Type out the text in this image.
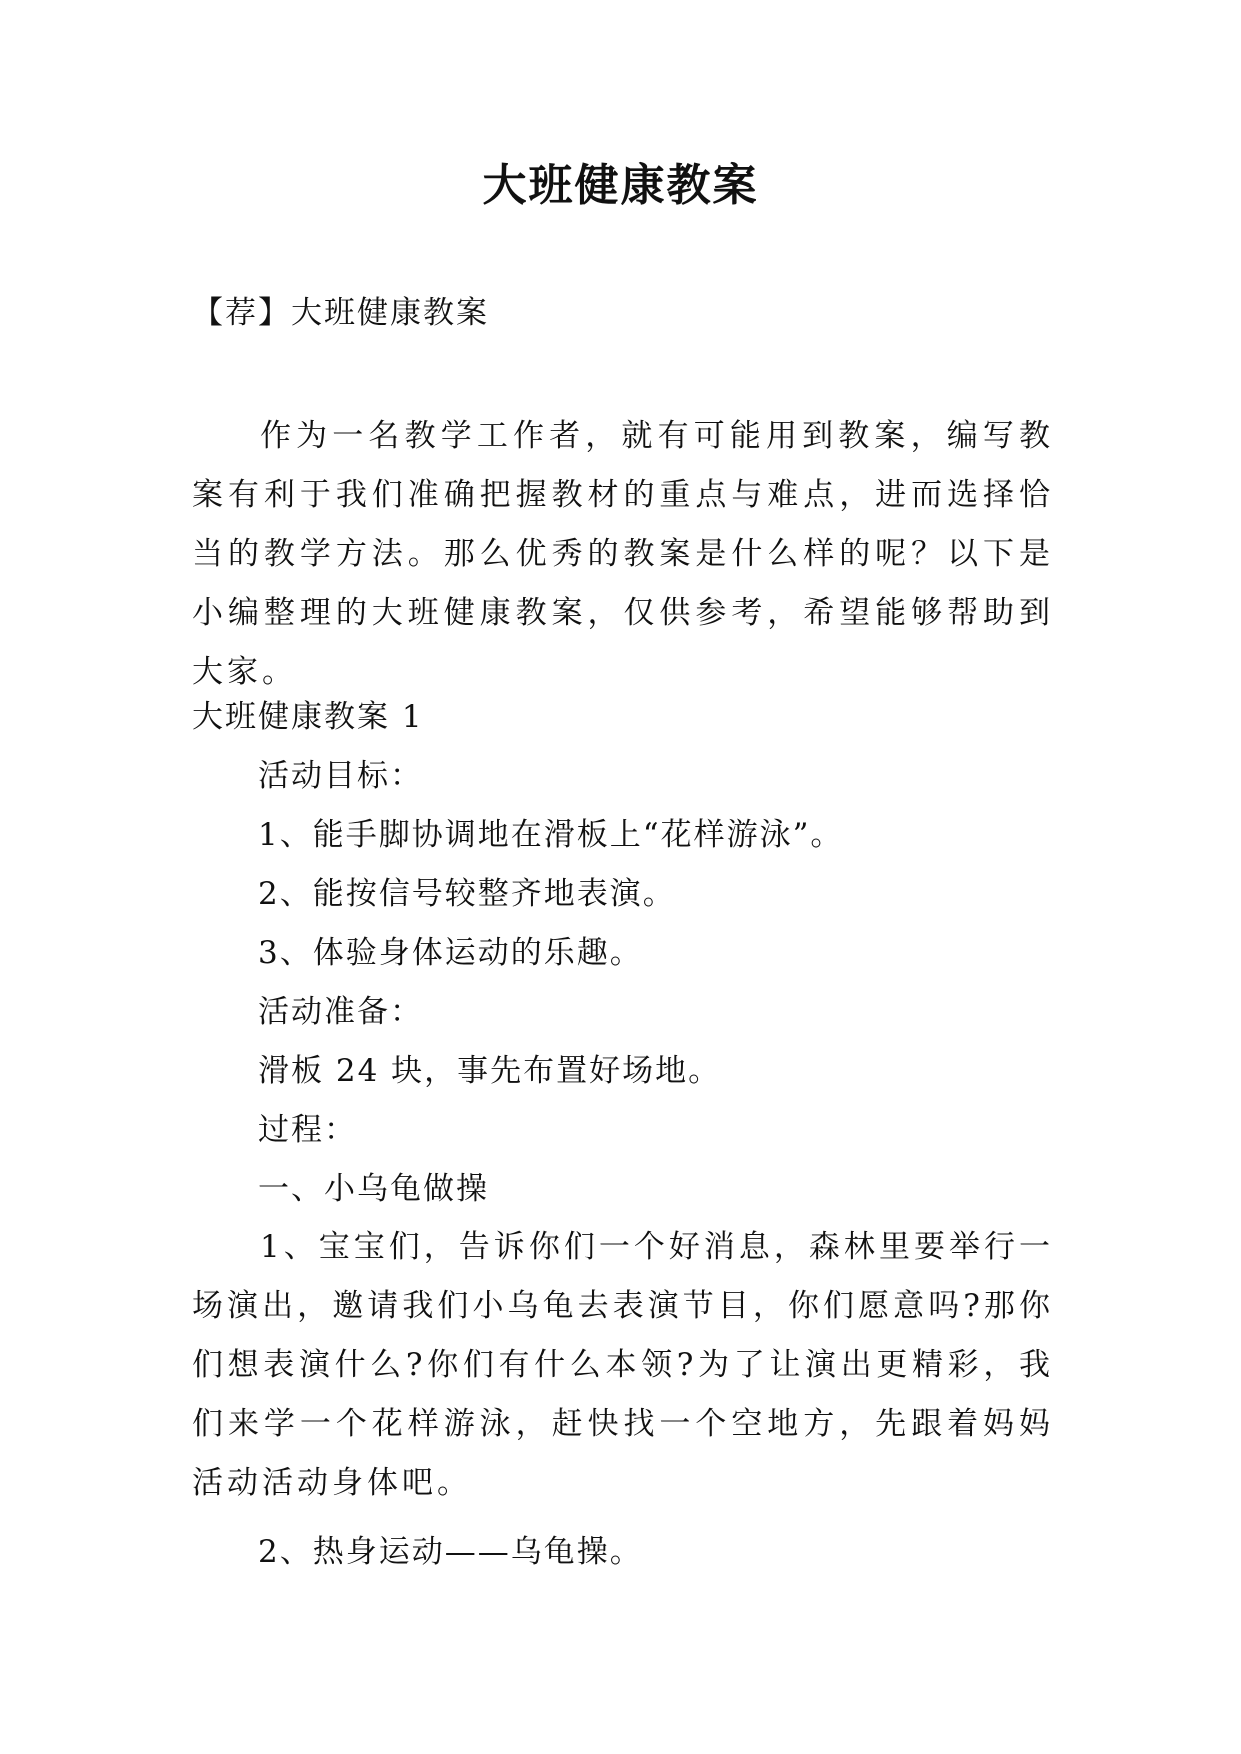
大班健康教案
【荐】大班健康教案
作为一名教学工作者，就有可能用到教案，编写教案有利于我们准确把握教材的重点与难点，进而选择恰当的教学方法。那么优秀的教案是什么样的呢？以下是小编整理的大班健康教案，仅供参考，希望能够帮助到大家。
大班健康教案 1
活动目标：
1、能手脚协调地在滑板上“花样游泳”。
2、能按信号较整齐地表演。
3、体验身体运动的乐趣。
活动准备：
滑板 24 块，事先布置好场地。
过程：
一、小乌龟做操
1、宝宝们，告诉你们一个好消息，森林里要举行一场演出，邀请我们小乌龟去表演节目，你们愿意吗?那你们想表演什么?你们有什么本领?为了让演出更精彩，我们来学一个花样游泳，赶快找一个空地方，先跟着妈妈活动活动身体吧。
2、热身运动——乌龟操。
